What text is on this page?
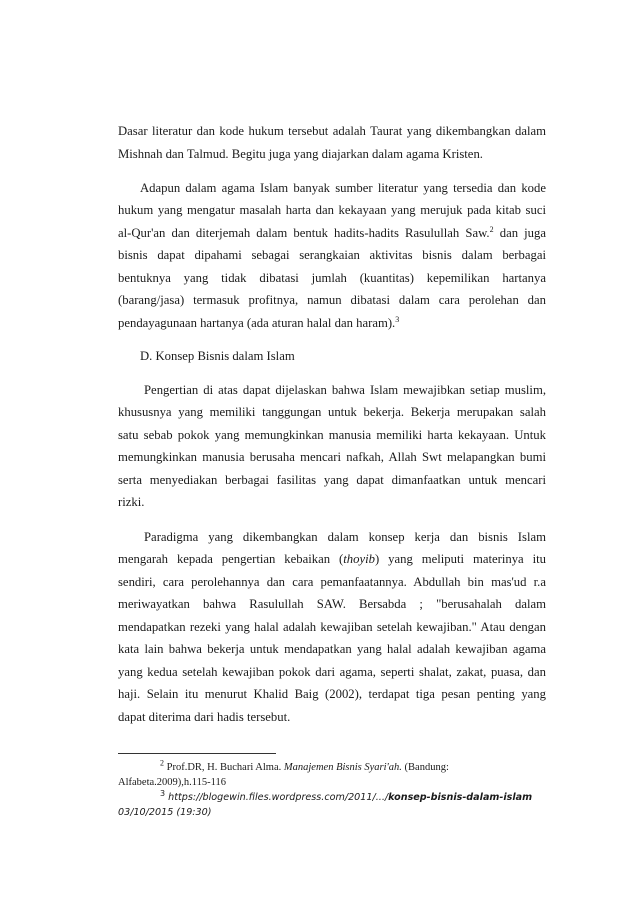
Dasar literatur dan kode hukum tersebut adalah Taurat yang dikembangkan dalam
Mishnah dan Talmud. Begitu juga yang diajarkan dalam agama Kristen.
Adapun dalam agama Islam banyak sumber literatur yang tersedia dan kode
hukum yang mengatur masalah harta dan kekayaan yang merujuk pada kitab suci
al-Qur'an dan diterjemah dalam bentuk hadits-hadits Rasulullah Saw.$^2$ dan juga
bisnis dapat dipahami sebagai serangkaian aktivitas bisnis dalam berbagai
bentuknya yang tidak dibatasi jumlah (kuantitas) kepemilikan hartanya
(barang/jasa) termasuk profitnya, namun dibatasi dalam cara perolehan dan
pendayagunaan hartanya (ada aturan halal dan haram).$^3$
D. Konsep Bisnis dalam Islam
Pengertian di atas dapat dijelaskan bahwa Islam mewajibkan setiap muslim,
khususnya yang memiliki tanggungan untuk bekerja. Bekerja merupakan salah
satu sebab pokok yang memungkinkan manusia memiliki harta kekayaan. Untuk
memungkinkan manusia berusaha mencari nafkah, Allah Swt melapangkan bumi
serta menyediakan berbagai fasilitas yang dapat dimanfaatkan untuk mencari
rizki.
Paradigma yang dikembangkan dalam konsep kerja dan bisnis Islam
mengarah kepada pengertian kebaikan (thoyib) yang meliputi materinya itu
sendiri, cara perolehannya dan cara pemanfaatannya. Abdullah bin mas'ud r.a
meriwayatkan bahwa Rasulullah SAW. Bersabda ; "berusahalah dalam
mendapatkan rezeki yang halal adalah kewajiban setelah kewajiban." Atau dengan
kata lain bahwa bekerja untuk mendapatkan yang halal adalah kewajiban agama
yang kedua setelah kewajiban pokok dari agama, seperti shalat, zakat, puasa, dan
haji. Selain itu menurut Khalid Baig (2002), terdapat tiga pesan penting yang
dapat diterima dari hadis tersebut.
$^2$ Prof.DR, H. Buchari Alma. Manajemen Bisnis Syari'ah. (Bandung:
Alfabeta.2009),h.115-116
$^3$ https://blogewin.files.wordpress.com/2011/.../konsep-bisnis-dalam-islam
03/10/2015 (19:30)
